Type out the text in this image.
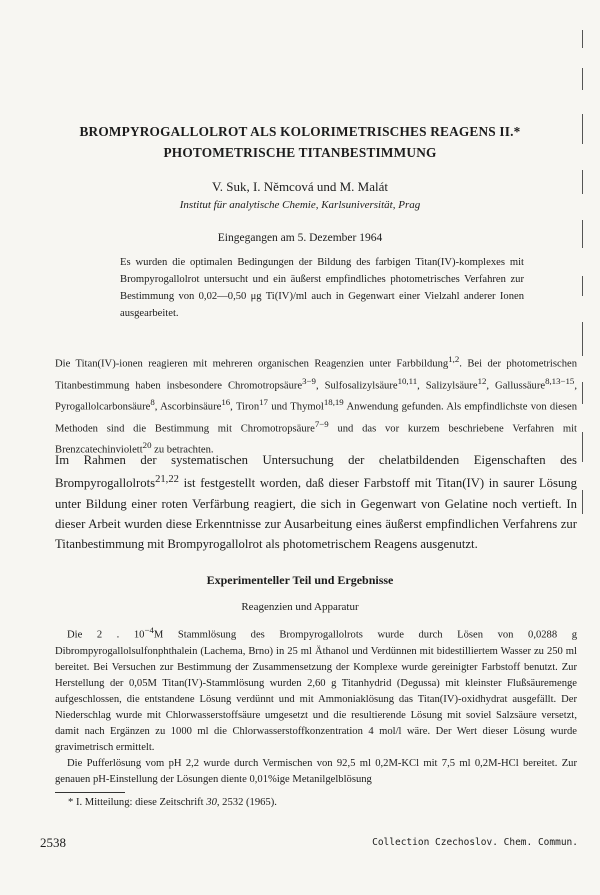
BROMPYROGALLOLROT ALS KOLORIMETRISCHES REAGENS II.*
PHOTOMETRISCHE TITANBESTIMMUNG
V. Suk, I. Němcová und M. Malát
Institut für analytische Chemie, Karlsuniversität, Prag
Eingegangen am 5. Dezember 1964

Es wurden die optimalen Bedingungen der Bildung des farbigen Titan(IV)-komplexes mit Brompyrogallolrot untersucht und ein äußerst empfindliches photometrisches Verfahren zur Bestimmung von 0,02—0,50 μg Ti(IV)/ml auch in Gegenwart einer Vielzahl anderer Ionen ausgearbeitet.

Die Titan(IV)-ionen reagieren mit mehreren organischen Reagenzien unter Farbbildung$^{1,2}$. Bei der photometrischen Titanbestimmung haben insbesondere Chromotropsäure$^{3-9}$, Sulfosalizylsäure$^{10,11}$, Salizylsäure$^{12}$, Gallussäure$^{8,13-15}$, Pyrogallolcarbonsäure$^8$, Ascorbinsäure$^{16}$, Tiron$^{17}$ und Thymol$^{18,19}$ Anwendung gefunden. Als empfindlichste von diesen Methoden sind die Bestimmung mit Chromotropsäure$^{7-9}$ und das vor kurzem beschriebene Verfahren mit Brenzcatechinviolett$^{20}$ zu betrachten.

Im Rahmen der systematischen Untersuchung der chelatbildenden Eigenschaften des Brompyrogallolrots$^{21,22}$ ist festgestellt worden, daß dieser Farbstoff mit Titan(IV) in saurer Lösung unter Bildung einer roten Verfärbung reagiert, die sich in Gegenwart von Gelatine noch vertieft. In dieser Arbeit wurden diese Erkenntnisse zur Ausarbeitung eines äußerst empfindlichen Verfahrens zur Titanbestimmung mit Brompyrogallolrot als photometrischem Reagens ausgenutzt.

Experimenteller Teil und Ergebnisse
Reagenzien und Apparatur

Die 2 . $10^{-4}M$ Stammlösung des Brompyrogallolrots wurde durch Lösen von 0,0288 g Dibrompyrogallolsulfonphthalein (Lachema, Brno) in 25 ml Äthanol und Verdünnen mit bidestilliertem Wasser zu 250 ml bereitet. Bei Versuchen zur Bestimmung der Zusammensetzung der Komplexe wurde gereinigter Farbstoff benutzt. Zur Herstellung der 0,05M Titan(IV)-Stammlösung wurden 2,60 g Titanhydrid (Degussa) mit kleinster Flußsäuremenge aufgeschlossen, die entstandene Lösung verdünnt und mit Ammoniaklösung das Titan(IV)-oxidhydrat ausgefällt. Der Niederschlag wurde mit Chlorwasserstoffsäure umgesetzt und die resultierende Lösung mit soviel Salzsäure versetzt, damit nach Ergänzen zu 1000 ml die Chlorwasserstoffkonzentration 4 mol/l wäre. Der Wert dieser Lösung wurde gravimetrisch ermittelt.

Die Pufferlösung vom pH 2,2 wurde durch Vermischen von 92,5 ml 0,2M-KCl mit 7,5 ml 0,2M-HCl bereitet. Zur genauen pH-Einstellung der Lösungen diente 0,01%ige Metanilgelblösung

* I. Mitteilung: diese Zeitschrift 30, 2532 (1965).
2538	Collection Czechoslov. Chem. Commun.
